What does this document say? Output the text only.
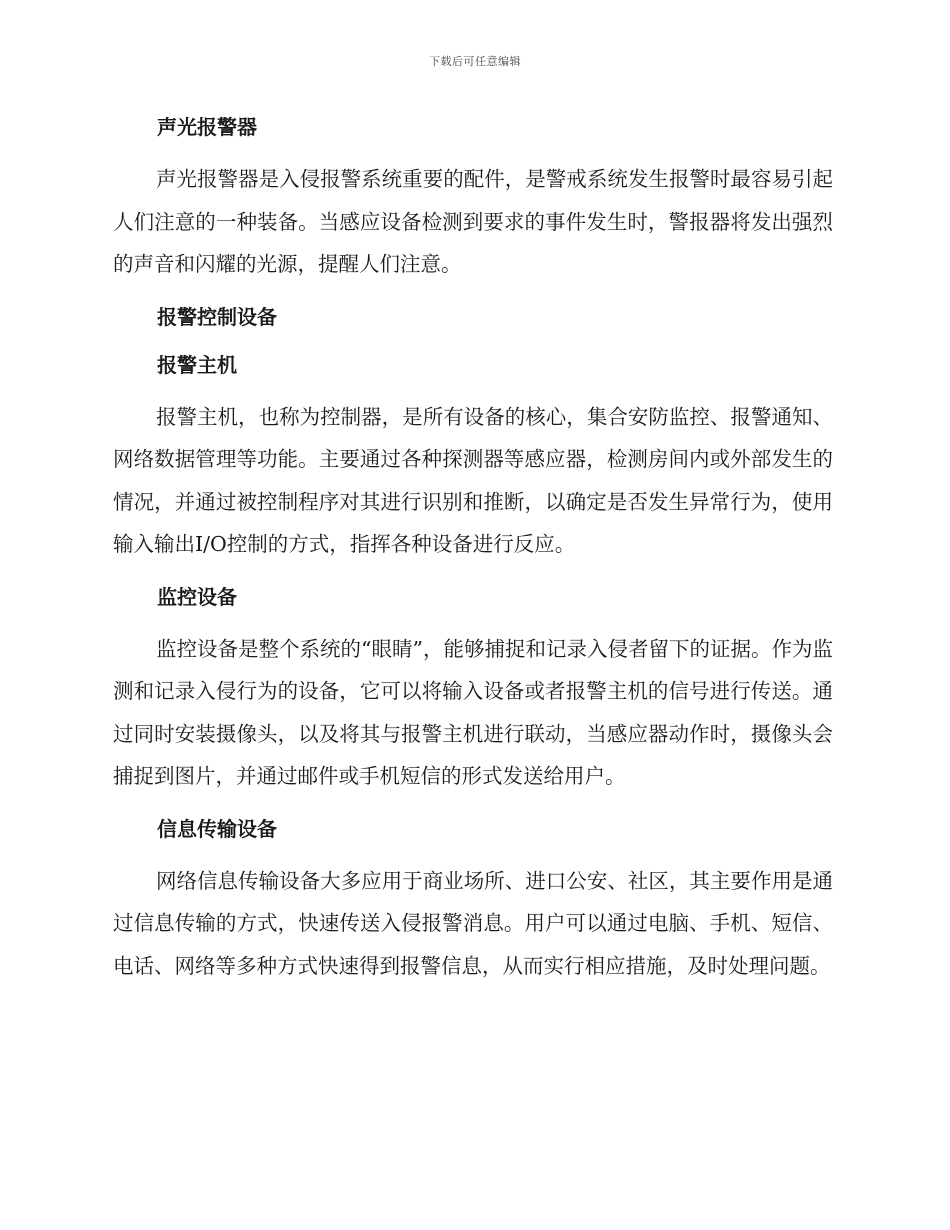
下载后可任意编辑
声光报警器

声光报警器是入侵报警系统重要的配件，是警戒系统发生报警时最容易引起人们注意的一种装备。当感应设备检测到要求的事件发生时，警报器将发出强烈的声音和闪耀的光源，提醒人们注意。

报警控制设备
报警主机

报警主机，也称为控制器，是所有设备的核心，集合安防监控、报警通知、网络数据管理等功能。主要通过各种探测器等感应器，检测房间内或外部发生的情况，并通过被控制程序对其进行识别和推断，以确定是否发生异常行为，使用输入输出I/O控制的方式，指挥各种设备进行反应。

监控设备

监控设备是整个系统的“眼睛”，能够捕捉和记录入侵者留下的证据。作为监测和记录入侵行为的设备，它可以将输入设备或者报警主机的信号进行传送。通过同时安装摄像头，以及将其与报警主机进行联动，当感应器动作时，摄像头会捕捉到图片，并通过邮件或手机短信的形式发送给用户。

信息传输设备

网络信息传输设备大多应用于商业场所、进口公安、社区，其主要作用是通过信息传输的方式，快速传送入侵报警消息。用户可以通过电脑、手机、短信、电话、网络等多种方式快速得到报警信息，从而实行相应措施，及时处理问题。
